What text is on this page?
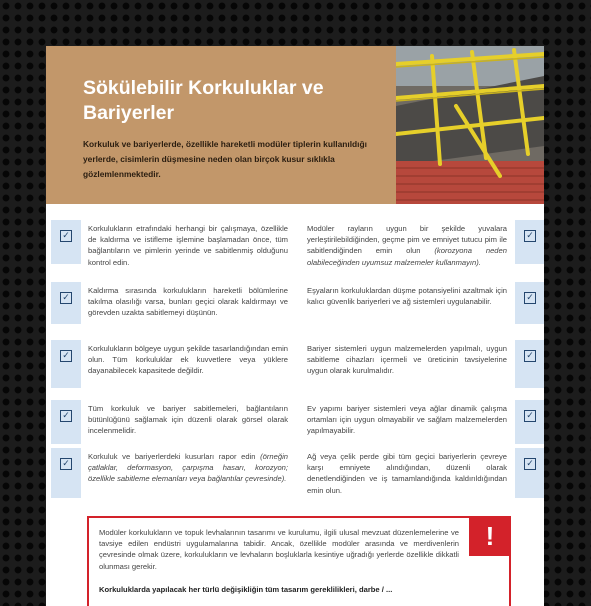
Sökülebilir Korkuluklar ve Bariyerler

Korkuluk ve bariyerlerde, özellikle hareketli modüler tiplerin kullanıldığı yerlerde, cisimlerin düşmesine neden olan birçok kusur sıklıkla gözlemlenmektedir.

✓

Korkulukların etrafındaki herhangi bir çalışmaya, özellikle de kaldırma ve istifleme işlemine başlamadan önce, tüm bağlantıların ve pimlerin yerinde ve sabitlenmiş olduğunu kontrol edin.

Modüler rayların uygun bir şekilde yuvalara yerleştirilebildiğinden, geçme pim ve emniyet tutucu pim ile sabitlendiğinden emin olun (korozyona neden olabileceğinden uyumsuz malzemeler kullanmayın).

✓
✓

Kaldırma sırasında korkulukların hareketli bölümlerine takılma olasılığı varsa, bunları geçici olarak kaldırmayı ve görevden uzakta sabitlemeyi düşünün.

Eşyaların korkuluklardan düşme potansiyelini azaltmak için kalıcı güvenlik bariyerleri ve ağ sistemleri uygulanabilir.	✓
✓

Korkulukların bölgeye uygun şekilde tasarlandığından emin olun. Tüm korkuluklar ek kuvvetlere veya yüklere dayanabilecek kapasitede değildir.

Bariyer sistemleri uygun malzemelerden yapılmalı, uygun sabitleme cihazları içermeli ve üreticinin tavsiyelerine uygun olarak kurulmalıdır.

✓
✓

Tüm korkuluk ve bariyer sabitlemeleri, bağlantıların bütünlüğünü sağlamak için düzenli olarak görsel olarak incelenmelidir.

Ev yapımı bariyer sistemleri veya ağlar dinamik çalışma ortamları için uygun olmayabilir ve sağlam malzemelerden yapılmayabilir.

✓
✓

Korkuluk ve bariyerlerdeki kusurları rapor edin (örneğin çatlaklar, deformasyon, çarpışma hasarı, korozyon; özellikle sabitleme elemanları veya bağlantılar çevresinde).

Ağ veya çelik perde gibi tüm geçici bariyerlerin çevreye karşı emniyete alındığından, düzenli olarak denetlendiğinden ve iş tamamlandığında kaldırıldığından emin olun.

✓

Modüler korkulukların ve topuk levhalarının tasarımı ve kurulumu, ilgili ulusal mevzuat düzenlemelerine ve tavsiye edilen endüstri uygulamalarına tabidir. Ancak, özellikle modüler arasında ve merdivenlerin çevresinde olmak üzere, korkulukların ve levhaların boşluklarla kesintiye uğradığı yerlerde özellikle dikkatli olunması gerekir.

Korkuluklarda yapılacak her türlü değişikliğin tüm tasarım gereklilikleri, darbe / ...

!
